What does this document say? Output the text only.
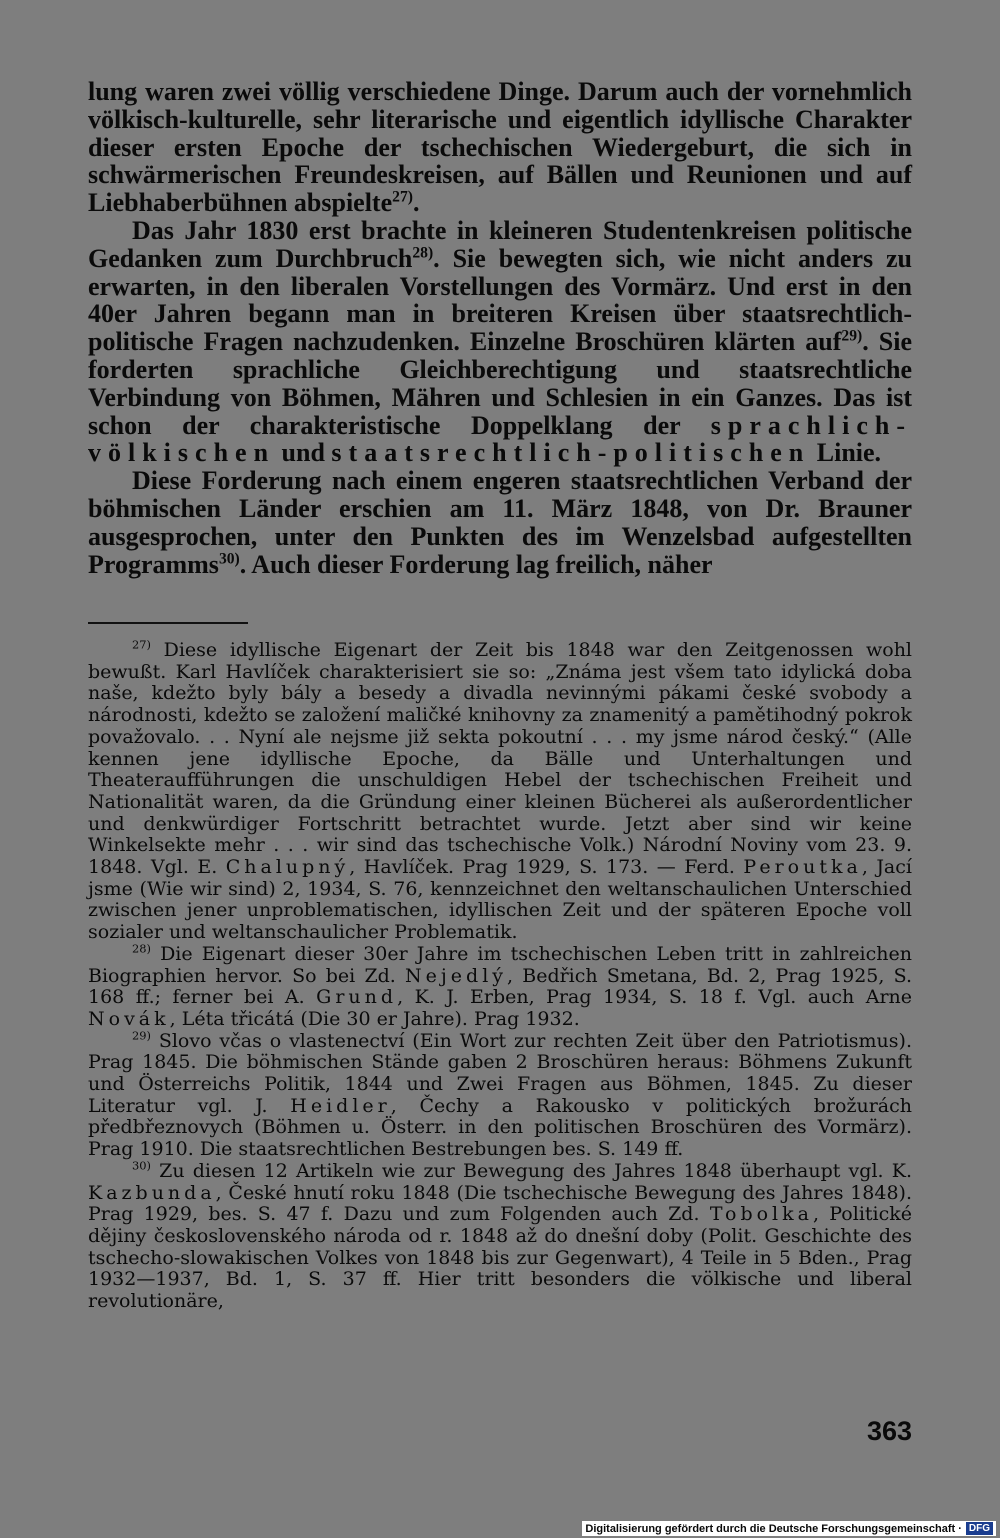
lung waren zwei völlig verschiedene Dinge. Darum auch der vornehmlich völkisch-kulturelle, sehr literarische und eigentlich idyllische Charakter dieser ersten Epoche der tschechischen Wiedergeburt, die sich in schwärmerischen Freundeskreisen, auf Bällen und Reunionen und auf Liebhaberbühnen abspielte$^{27)}$.

Das Jahr 1830 erst brachte in kleineren Studentenkreisen politische Gedanken zum Durchbruch$^{28)}$. Sie bewegten sich, wie nicht anders zu erwarten, in den liberalen Vorstellungen des Vormärz. Und erst in den 40er Jahren begann man in breiteren Kreisen über staatsrechtlich-politische Fragen nachzudenken. Einzelne Broschüren klärten auf$^{29)}$. Sie forderten sprachliche Gleichberechtigung und staatsrechtliche Verbindung von Böhmen, Mähren und Schlesien in ein Ganzes. Das ist schon der charakteristische Doppelklang der sprachlich-völkischen und staatsrechtlich-politischen Linie.

Diese Forderung nach einem engeren staatsrechtlichen Verband der böhmischen Länder erschien am 11. März 1848, von Dr. Brauner ausgesprochen, unter den Punkten des im Wenzelsbad aufgestellten Programms$^{30)}$. Auch dieser Forderung lag freilich, näher

$^{27)}$ Diese idyllische Eigenart der Zeit bis 1848 war den Zeitgenossen wohl bewußt. Karl Havlíček charakterisiert sie so: „Známa jest všem tato idylická doba naše, kdežto byly bály a besedy a divadla nevinnými pákami české svobody a národnosti, kdežto se založení maličké knihovny za znamenitý a pamětihodný pokrok považovalo. . . Nyní ale nejsme již sekta pokoutní . . . my jsme národ český.“ (Alle kennen jene idyllische Epoche, da Bälle und Unterhaltungen und Theateraufführungen die unschuldigen Hebel der tschechischen Freiheit und Nationalität waren, da die Gründung einer kleinen Bücherei als außerordentlicher und denkwürdiger Fortschritt betrachtet wurde. Jetzt aber sind wir keine Winkelsekte mehr . . . wir sind das tschechische Volk.) Národní Noviny vom 23. 9. 1848. Vgl. E. Chalupný, Havlíček. Prag 1929, S. 173. — Ferd. Peroutka, Jací jsme (Wie wir sind) 2, 1934, S. 76, kennzeichnet den weltanschaulichen Unterschied zwischen jener unproblematischen, idyllischen Zeit und der späteren Epoche voll sozialer und weltanschaulicher Problematik.

$^{28)}$ Die Eigenart dieser 30er Jahre im tschechischen Leben tritt in zahlreichen Biographien hervor. So bei Zd. Nejedlý, Bedřich Smetana, Bd. 2, Prag 1925, S. 168 ff.; ferner bei A. Grund, K. J. Erben, Prag 1934, S. 18 f. Vgl. auch Arne Novák, Léta třicátá (Die 30 er Jahre). Prag 1932.

$^{29)}$ Slovo včas o vlastenectví (Ein Wort zur rechten Zeit über den Patriotismus). Prag 1845. Die böhmischen Stände gaben 2 Broschüren heraus: Böhmens Zukunft und Österreichs Politik, 1844 und Zwei Fragen aus Böhmen, 1845. Zu dieser Literatur vgl. J. Heidler, Čechy a Rakousko v politických brožurách předbřeznovych (Böhmen u. Österr. in den politischen Broschüren des Vormärz). Prag 1910. Die staatsrechtlichen Bestrebungen bes. S. 149 ff.

$^{30)}$ Zu diesen 12 Artikeln wie zur Bewegung des Jahres 1848 überhaupt vgl. K. Kazbunda, České hnutí roku 1848 (Die tschechische Bewegung des Jahres 1848). Prag 1929, bes. S. 47 f. Dazu und zum Folgenden auch Zd. Tobolka, Politické dějiny československého národa od r. 1848 až do dnešní doby (Polit. Geschichte des tschecho-slowakischen Volkes von 1848 bis zur Gegenwart), 4 Teile in 5 Bden., Prag 1932—1937, Bd. 1, S. 37 ff. Hier tritt besonders die völkische und liberal revolutionäre,

363
Digitalisierung gefördert durch die Deutsche Forschungsgemeinschaft · DFG
